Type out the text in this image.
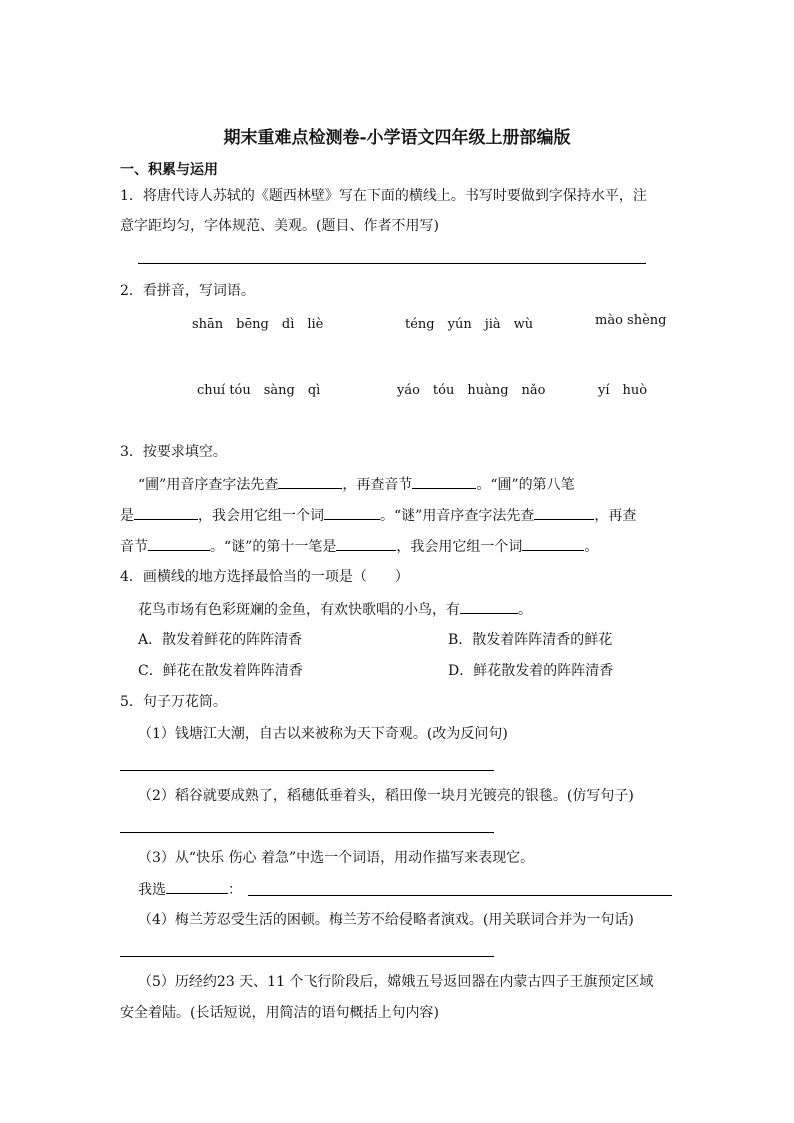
期末重难点检测卷-小学语文四年级上册部编版
一、积累与运用
1．将唐代诗人苏轼的《题西林壁》写在下面的横线上。书写时要做到字保持水平，注
意字距均匀，字体规范、美观。(题目、作者不用写)
2．看拼音，写词语。
shān　bēng　dì　liè	téng　yún　jià　wù	mào shèng
chuí tóu　sàng　qì	yáo　tóu　huàng　nǎo	yí　huò
3．按要求填空。
“圃”用音序查字法先查	，再查音节	。“圃”的第八笔
是	，我会用它组一个词	。“谜”用音序查字法先查	，再查
音节	。“谜”的第十一笔是	，我会用它组一个词	。
4．画横线的地方选择最恰当的一项是（　　）
花鸟市场有色彩斑斓的金鱼，有欢快歌唱的小鸟，有	。
A．散发着鲜花的阵阵清香	B．散发着阵阵清香的鲜花
C．鲜花在散发着阵阵清香	D．鲜花散发着的阵阵清香
5．句子万花筒。
（1）钱塘江大潮，自古以来被称为天下奇观。(改为反问句)
（2）稻谷就要成熟了，稻穗低垂着头，稻田像一块月光镀亮的银毯。(仿写句子)
（3）从“快乐 伤心 着急”中选一个词语，用动作描写来表现它。
我选	：
（4）梅兰芳忍受生活的困顿。梅兰芳不给侵略者演戏。(用关联词合并为一句话)
（5）历经约23 天、11 个飞行阶段后，嫦娥五号返回器在内蒙古四子王旗预定区域
安全着陆。(长话短说，用简洁的语句概括上句内容)
